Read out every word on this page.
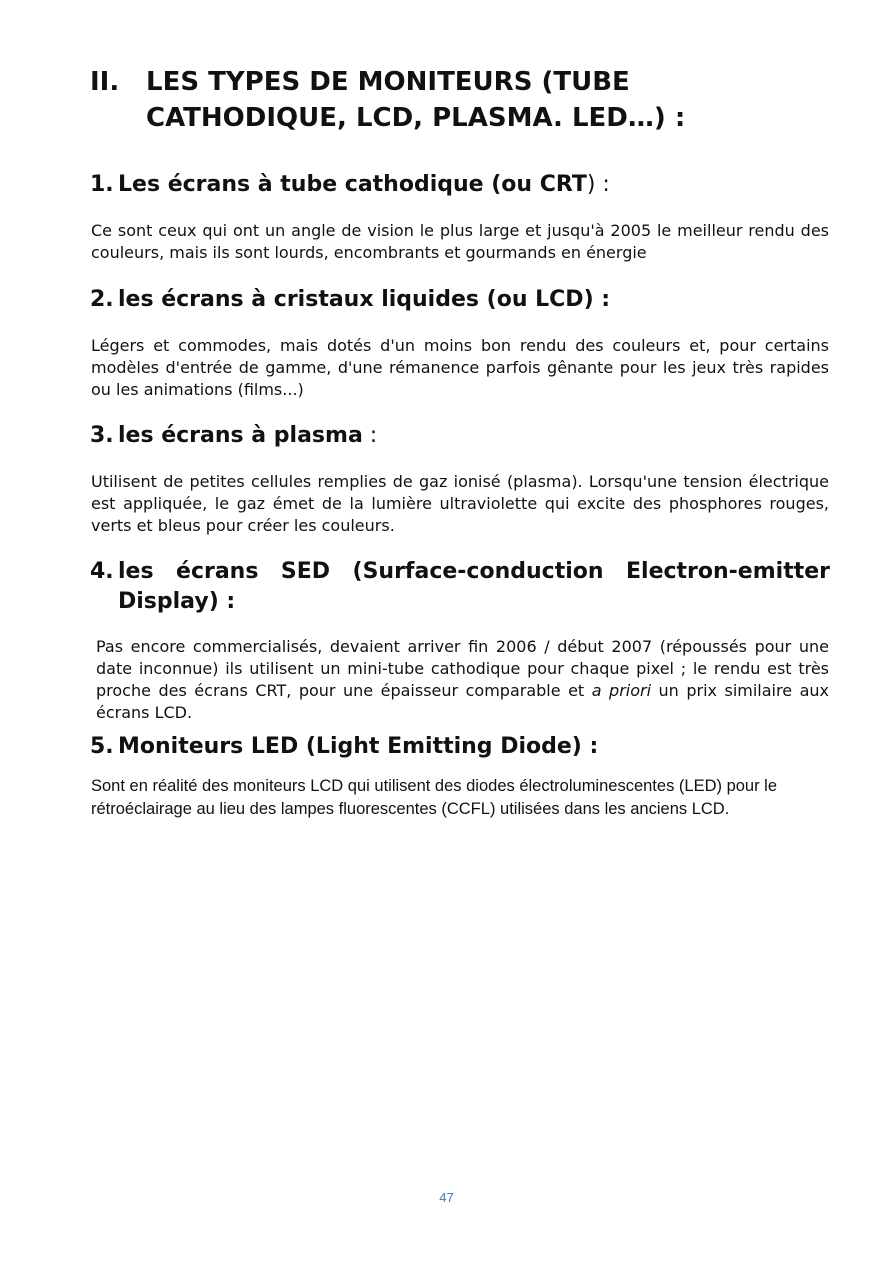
II.	LES TYPES DE MONITEURS (TUBE CATHODIQUE, LCD, PLASMA. LED…) :
1. Les écrans à tube cathodique (ou CRT) :
Ce sont ceux qui ont un angle de vision le plus large et jusqu'à 2005 le meilleur rendu des couleurs, mais ils sont lourds, encombrants et gourmands en énergie
2. les écrans à cristaux liquides (ou LCD) :
Légers et commodes, mais dotés d'un moins bon rendu des couleurs et, pour certains modèles d'entrée de gamme, d'une rémanence parfois gênante pour les jeux très rapides ou les animations (films...)
3. les écrans à plasma :
Utilisent de petites cellules remplies de gaz ionisé (plasma). Lorsqu'une tension électrique est appliquée, le gaz émet de la lumière ultraviolette qui excite des phosphores rouges, verts et bleus pour créer les couleurs.
4. les écrans SED (Surface-conduction Electron-emitter
Display) :
Pas encore commercialisés, devaient arriver fin 2006 / début 2007 (répoussés pour une date inconnue) ils utilisent un mini-tube cathodique pour chaque pixel ; le rendu est très proche des écrans CRT, pour une épaisseur comparable et a priori un prix similaire aux écrans LCD.
5. Moniteurs LED (Light Emitting Diode) :
Sont en réalité des moniteurs LCD qui utilisent des diodes électroluminescentes (LED) pour le rétroéclairage au lieu des lampes fluorescentes (CCFL) utilisées dans les anciens LCD.
47
